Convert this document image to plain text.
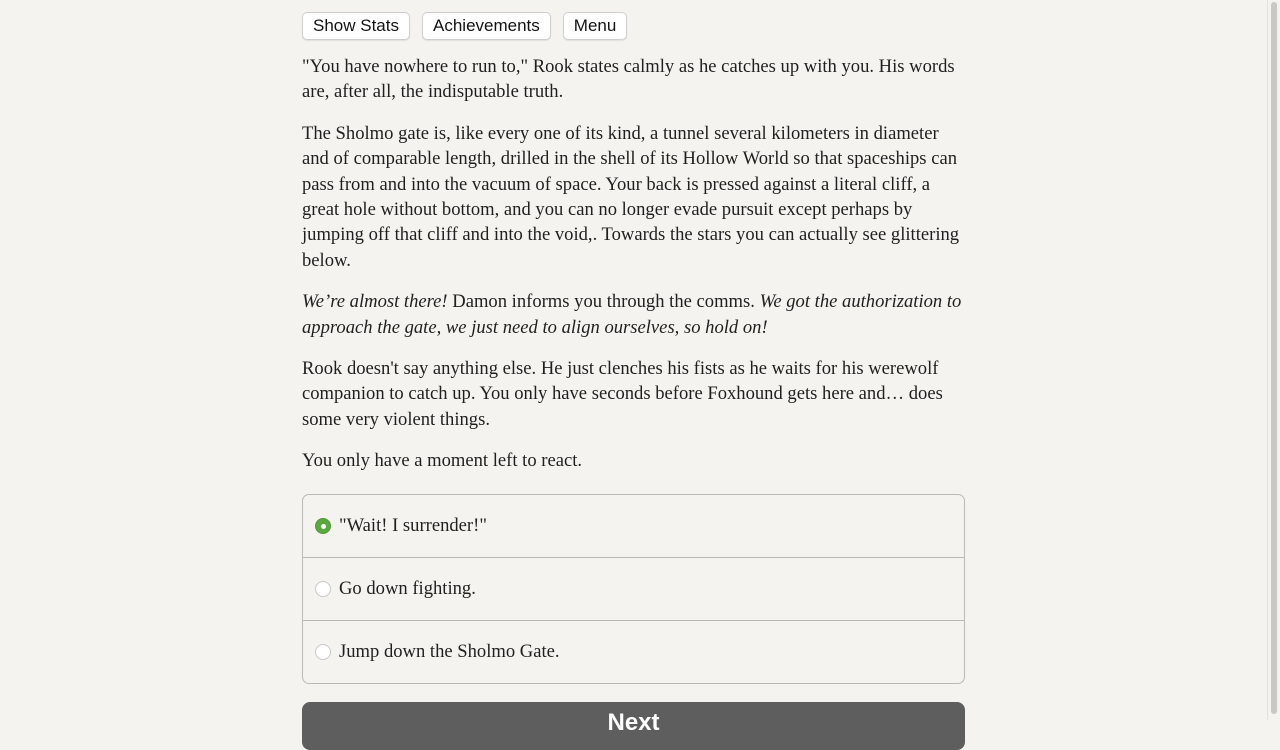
Show Stats	Achievements	Menu

"You have nowhere to run to," Rook states calmly as he catches up with you. His words are, after all, the indisputable truth.

The Sholmo gate is, like every one of its kind, a tunnel several kilometers in diameter and of comparable length, drilled in the shell of its Hollow World so that spaceships can pass from and into the vacuum of space. Your back is pressed against a literal cliff, a great hole without bottom, and you can no longer evade pursuit except perhaps by jumping off that cliff and into the void,. Towards the stars you can actually see glittering below.

We’re almost there! Damon informs you through the comms. We got the authorization to approach the gate, we just need to align ourselves, so hold on!

Rook doesn't say anything else. He just clenches his fists as he waits for his werewolf companion to catch up. You only have seconds before Foxhound gets here and… does some very violent things.

You only have a moment left to react.

"Wait! I surrender!"
Go down fighting.
Jump down the Sholmo Gate.
Next
